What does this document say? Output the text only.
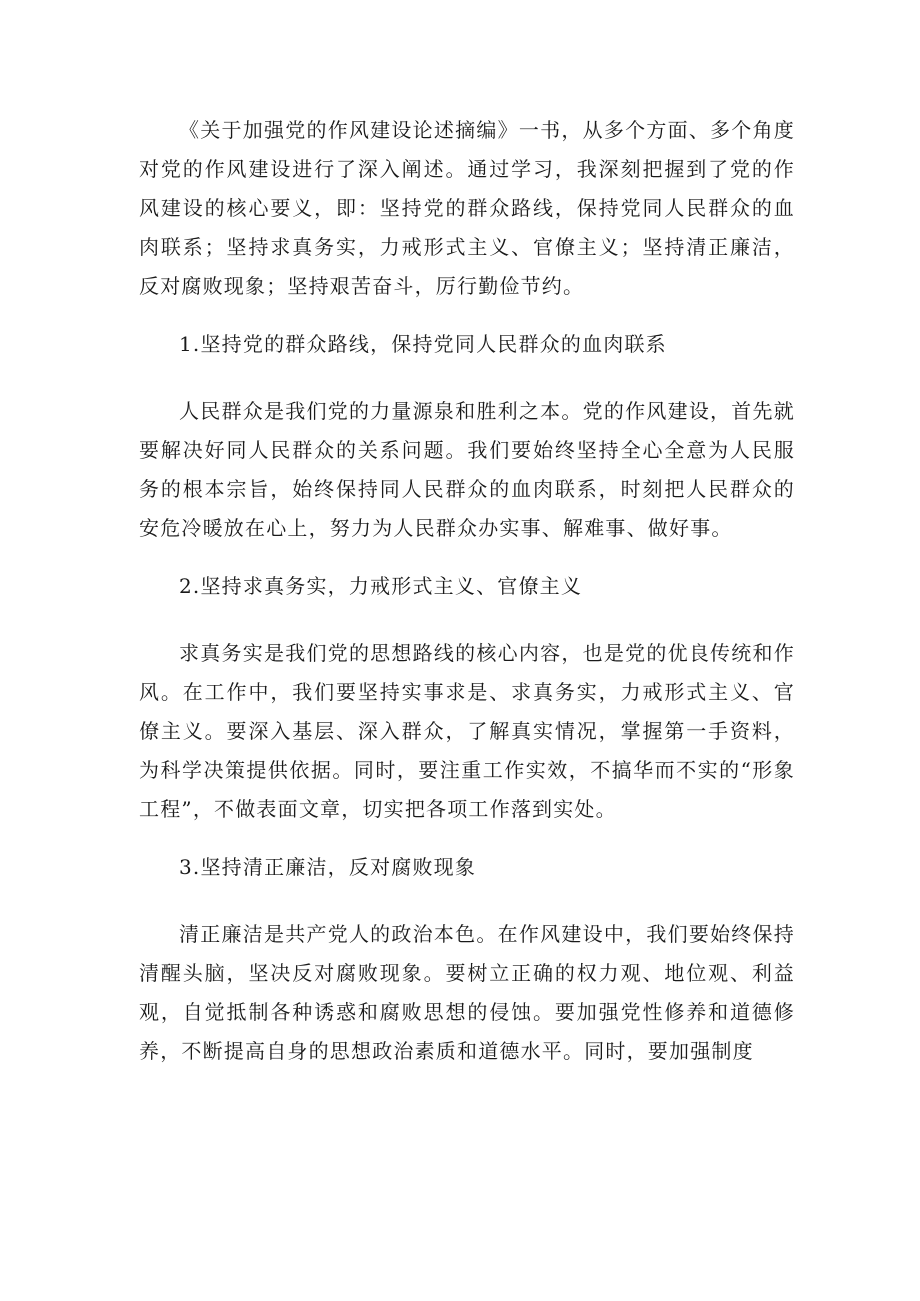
《关于加强党的作风建设论述摘编》一书，从多个方面、多个角度对党的作风建设进行了深入阐述。通过学习，我深刻把握到了党的作风建设的核心要义，即：坚持党的群众路线，保持党同人民群众的血肉联系；坚持求真务实，力戒形式主义、官僚主义；坚持清正廉洁，反对腐败现象；坚持艰苦奋斗，厉行勤俭节约。

1.坚持党的群众路线，保持党同人民群众的血肉联系

人民群众是我们党的力量源泉和胜利之本。党的作风建设，首先就要解决好同人民群众的关系问题。我们要始终坚持全心全意为人民服务的根本宗旨，始终保持同人民群众的血肉联系，时刻把人民群众的安危冷暖放在心上，努力为人民群众办实事、解难事、做好事。

2.坚持求真务实，力戒形式主义、官僚主义

求真务实是我们党的思想路线的核心内容，也是党的优良传统和作风。在工作中，我们要坚持实事求是、求真务实，力戒形式主义、官僚主义。要深入基层、深入群众，了解真实情况，掌握第一手资料，为科学决策提供依据。同时，要注重工作实效，不搞华而不实的“形象工程”，不做表面文章，切实把各项工作落到实处。

3.坚持清正廉洁，反对腐败现象

清正廉洁是共产党人的政治本色。在作风建设中，我们要始终保持清醒头脑，坚决反对腐败现象。要树立正确的权力观、地位观、利益观，自觉抵制各种诱惑和腐败思想的侵蚀。要加强党性修养和道德修养，不断提高自身的思想政治素质和道德水平。同时，要加强制度
